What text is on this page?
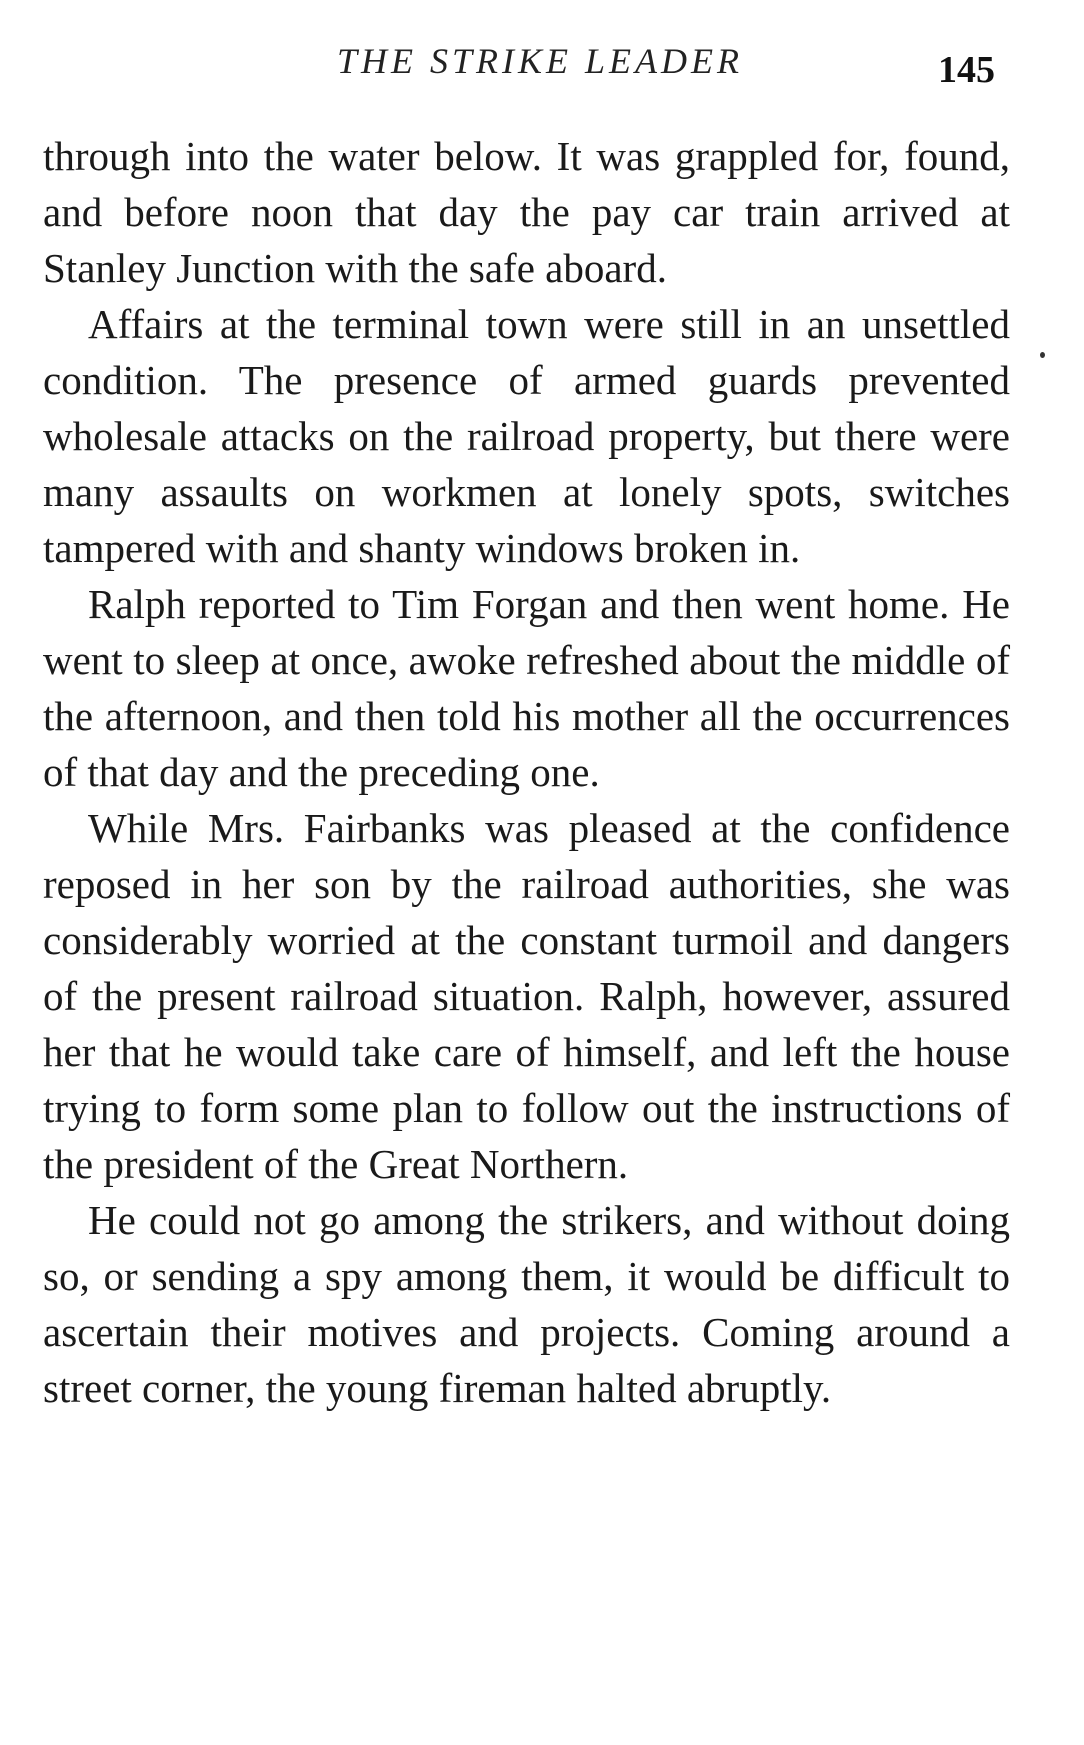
THE STRIKE LEADER	145

through into the water below. It was grappled for, found, and before noon that day the pay car train arrived at Stanley Junction with the safe aboard.

Affairs at the terminal town were still in an unsettled condition. The presence of armed guards prevented wholesale attacks on the railroad property, but there were many assaults on workmen at lonely spots, switches tampered with and shanty windows broken in.

Ralph reported to Tim Forgan and then went home. He went to sleep at once, awoke refreshed about the middle of the afternoon, and then told his mother all the occurrences of that day and the preceding one.

While Mrs. Fairbanks was pleased at the confidence reposed in her son by the railroad authorities, she was considerably worried at the constant turmoil and dangers of the present railroad situation. Ralph, however, assured her that he would take care of himself, and left the house trying to form some plan to follow out the instructions of the president of the Great Northern.

He could not go among the strikers, and without doing so, or sending a spy among them, it would be difficult to ascertain their motives and projects. Coming around a street corner, the young fireman halted abruptly.
